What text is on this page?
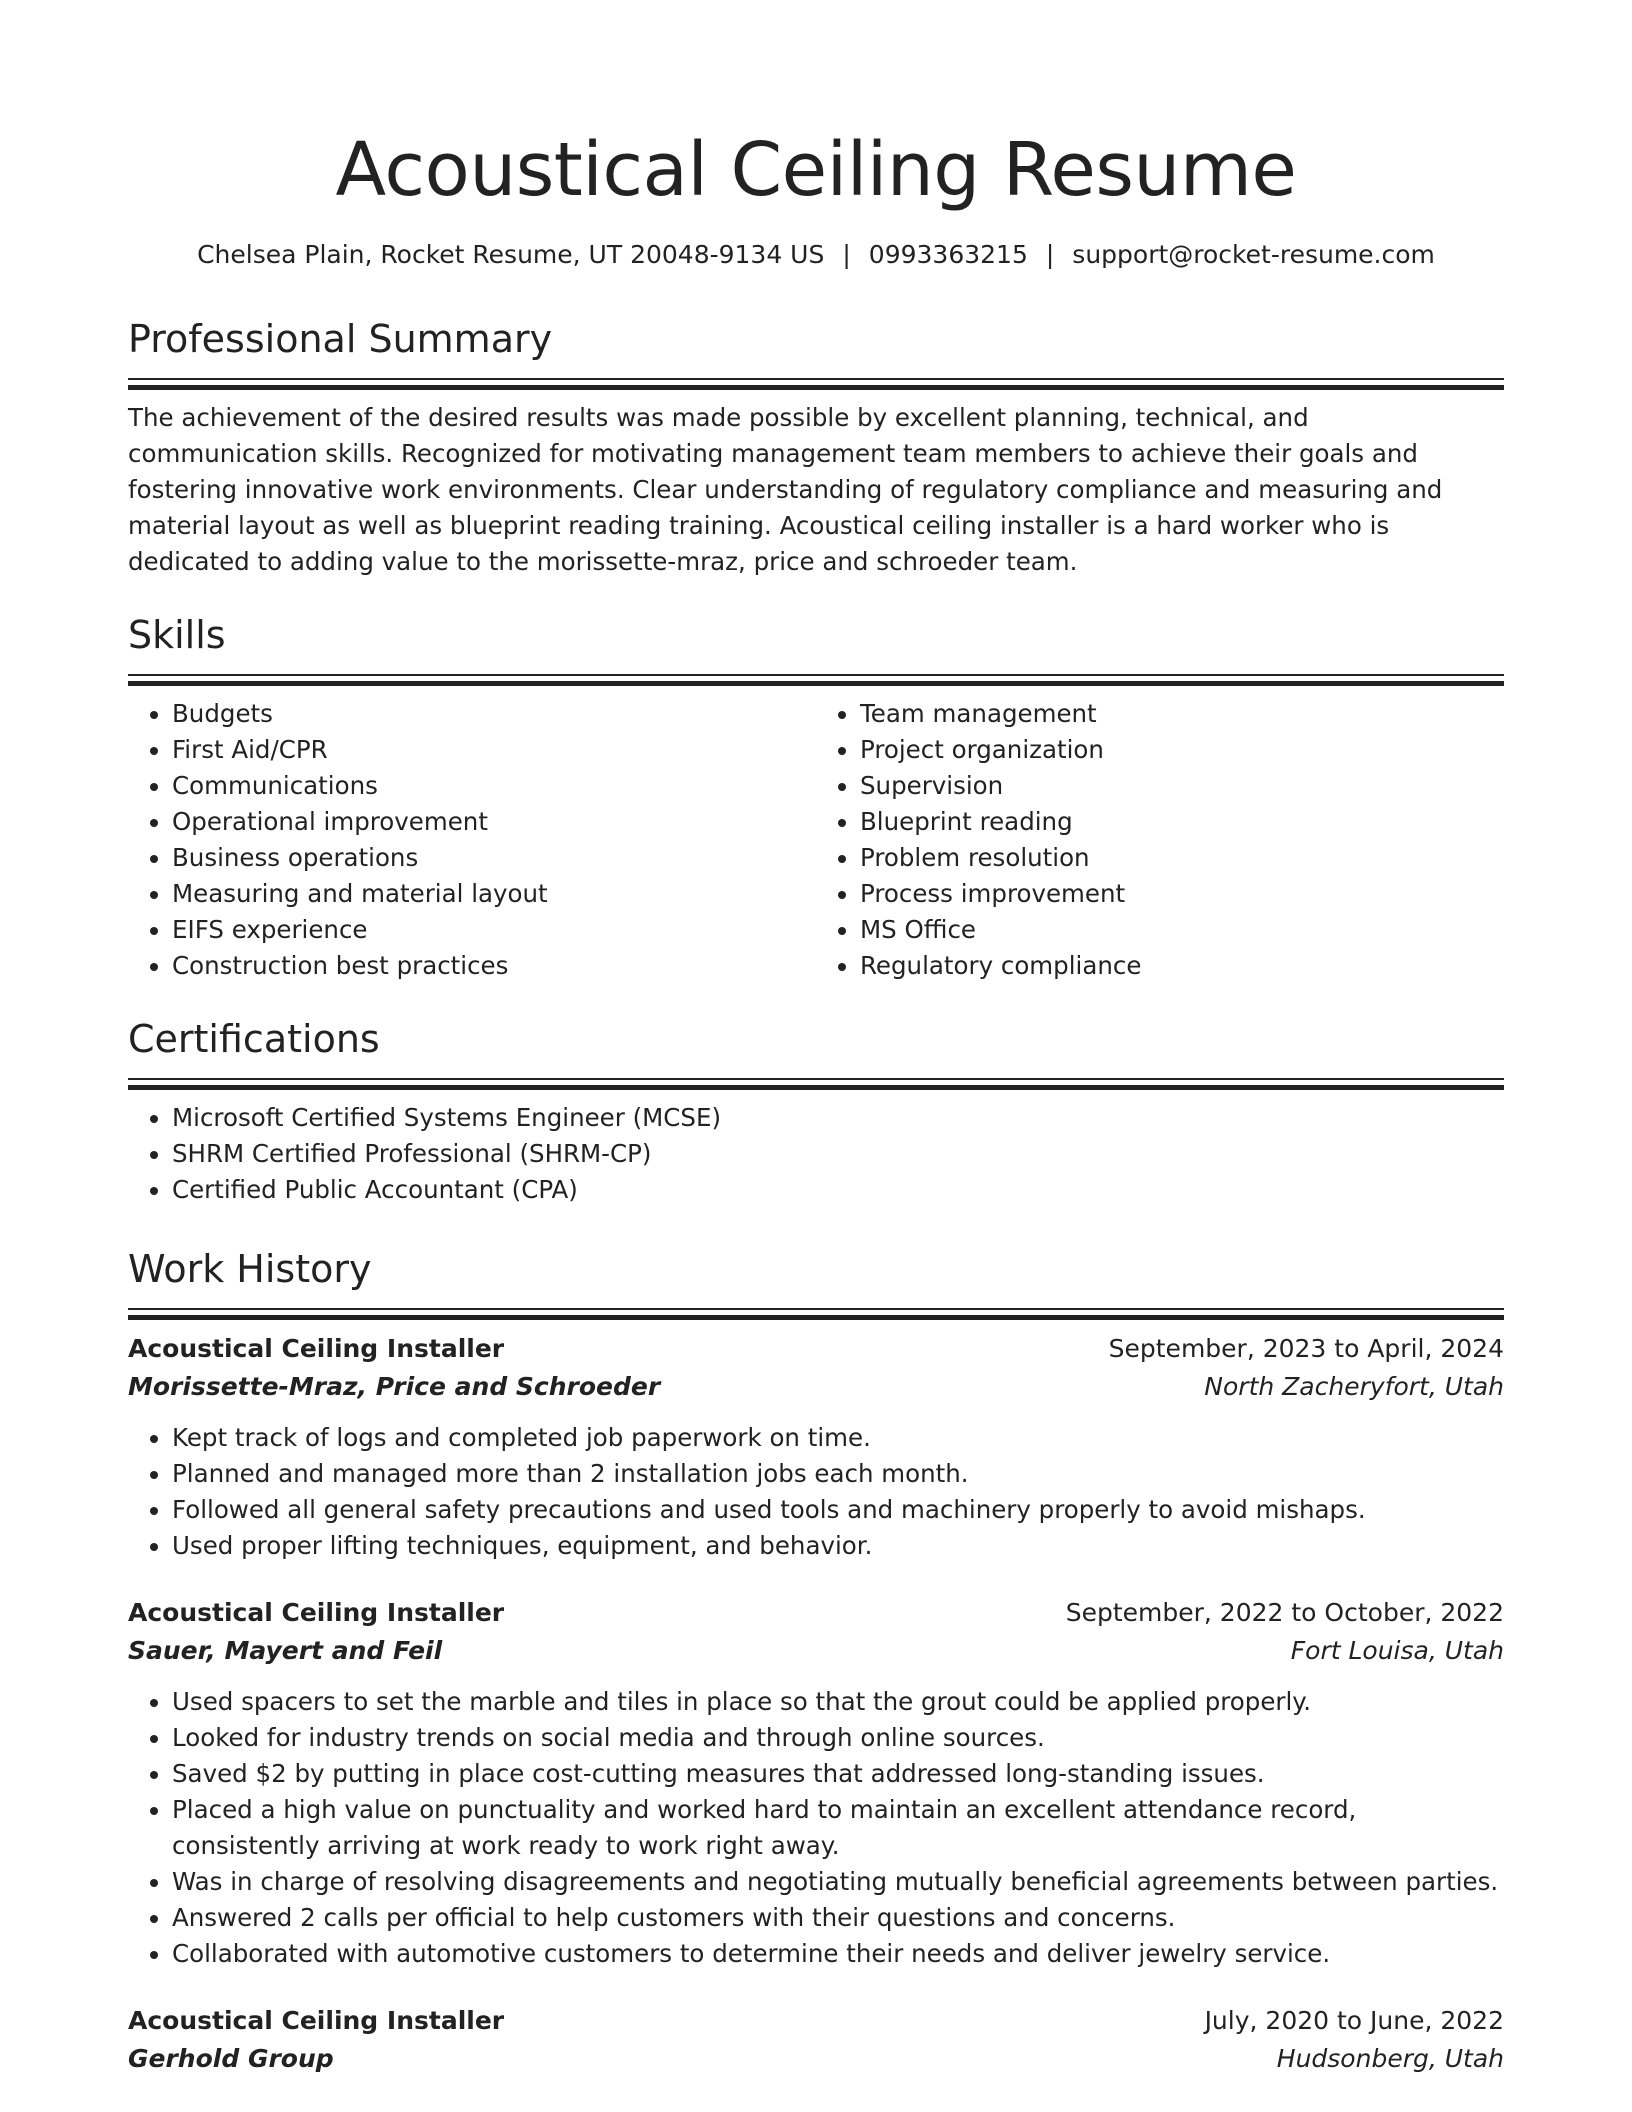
Acoustical Ceiling Resume
Chelsea Plain, Rocket Resume, UT 20048-9134 US | 0993363215 | support@rocket-resume.com
Professional Summary

The achievement of the desired results was made possible by excellent planning, technical, and communication skills. Recognized for motivating management team members to achieve their goals and fostering innovative work environments. Clear understanding of regulatory compliance and measuring and material layout as well as blueprint reading training. Acoustical ceiling installer is a hard worker who is dedicated to adding value to the morissette-mraz, price and schroeder team.

Skills
• Budgets
• First Aid/CPR
• Communications
• Operational improvement
• Business operations
• Measuring and material layout
• EIFS experience
• Construction best practices
• Team management
• Project organization
• Supervision
• Blueprint reading
• Problem resolution
• Process improvement
• MS Office
• Regulatory compliance
Certifications
• Microsoft Certified Systems Engineer (MCSE)
• SHRM Certified Professional (SHRM-CP)
• Certified Public Accountant (CPA)
Work History
Acoustical Ceiling Installer	September, 2023 to April, 2024
Morissette-Mraz, Price and Schroeder	North Zacheryfort, Utah
• Kept track of logs and completed job paperwork on time.
• Planned and managed more than 2 installation jobs each month.
• Followed all general safety precautions and used tools and machinery properly to avoid mishaps.
• Used proper lifting techniques, equipment, and behavior.
Acoustical Ceiling Installer	September, 2022 to October, 2022
Sauer, Mayert and Feil	Fort Louisa, Utah
• Used spacers to set the marble and tiles in place so that the grout could be applied properly.
• Looked for industry trends on social media and through online sources.
• Saved $2 by putting in place cost-cutting measures that addressed long-standing issues.
• Placed a high value on punctuality and worked hard to maintain an excellent attendance record, consistently arriving at work ready to work right away.
• Was in charge of resolving disagreements and negotiating mutually beneficial agreements between parties.
• Answered 2 calls per official to help customers with their questions and concerns.
• Collaborated with automotive customers to determine their needs and deliver jewelry service.
Acoustical Ceiling Installer	July, 2020 to June, 2022
Gerhold Group	Hudsonberg, Utah
